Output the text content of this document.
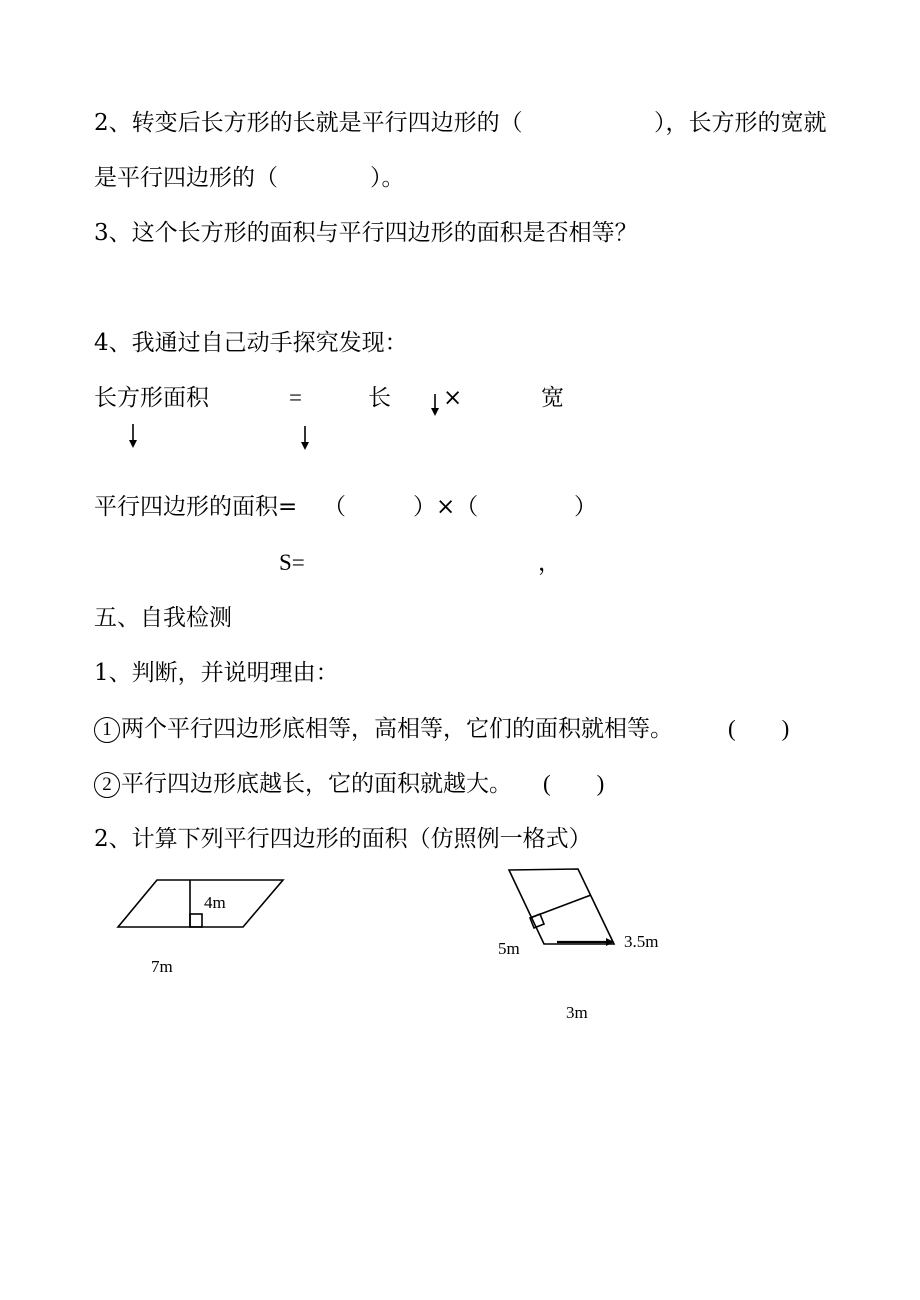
2、转变后长方形的长就是平行四边形的（	），长方形的宽就
是平行四边形的（　　　　）。
3、这个长方形的面积与平行四边形的面积是否相等？
4、我通过自己动手探究发现：
长方形面积	=	长 ×	宽
平行四边形的面积= （	）×（	）
S=	，
五、自我检测
1、判断，并说明理由：
1 两个平行四边形底相等，高相等，它们的面积就相等。 (　　)
2 平行四边形底越长，它的面积就越大。 (　　)
2、计算下列平行四边形的面积（仿照例一格式）
4m
7m
5m	3.5m
3m
